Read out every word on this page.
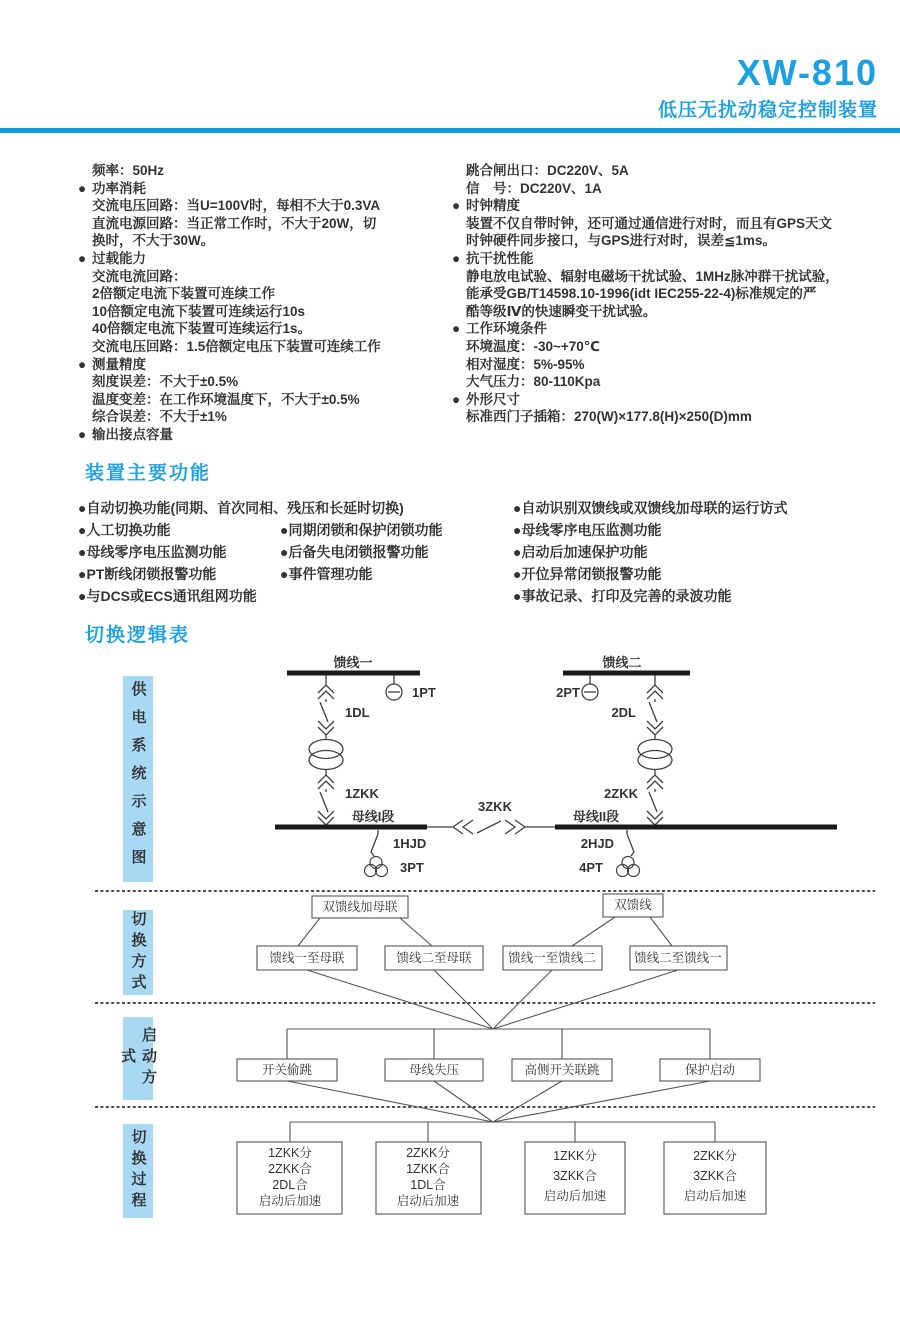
XW-810
低压无扰动稳定控制装置
频率：50Hz
● 功率消耗
交流电压回路：当U=100V时，每相不大于0.3VA
直流电源回路：当正常工作时，不大于20W，切
换时，不大于30W。
● 过载能力
交流电流回路：
2倍额定电流下装置可连续工作
10倍额定电流下装置可连续运行10s
40倍额定电流下装置可连续运行1s。
交流电压回路：1.5倍额定电压下装置可连续工作
● 测量精度
刻度误差：不大于±0.5%
温度变差：在工作环境温度下，不大于±0.5%
综合误差：不大于±1%
● 输出接点容量
跳合闸出口：DC220V、5A
信　号：DC220V、1A
● 时钟精度
装置不仅自带时钟，还可通过通信进行对时，而且有GPS天文
时钟硬件同步接口，与GPS进行对时，误差≦1ms。
● 抗干扰性能
静电放电试验、辐射电磁场干扰试验、1MHz脉冲群干扰试验，
能承受GB/T14598.10-1996(idt IEC255-22-4)标准规定的严
酷等级Ⅳ的快速瞬变干扰试验。
● 工作环境条件
环境温度：-30~+70℃
相对湿度：5%-95%
大气压力：80-110Kpa
● 外形尺寸
标准西门子插箱：270(W)×177.8(H)×250(D)mm
装置主要功能
●自动切换功能(同期、首次同相、残压和长延时切换)
●人工切换功能	●同期闭锁和保护闭锁功能
●母线零序电压监测功能	●后备失电闭锁报警功能
●PT断线闭锁报警功能	●事件管理功能
●与DCS或ECS通讯组网功能
●自动识别双馈线或双馈线加母联的运行访式
●母线零序电压监测功能
●启动后加速保护功能
●开位异常闭锁报警功能
●事故记录、打印及完善的录波功能
切换逻辑表
供电系统示意图
切换方式
启动方式
切换过程
馈线一	馈线二
1DL
1ZKK
1PT
2DL
2ZKK
2PT
母线I段	母线II段
3ZKK
1HJD
3PT
2HJD
4PT
双馈线加母联	双馈线
馈线一至母联	馈线二至母联	馈线一至馈线二	馈线二至馈线一
开关偷跳	母线失压	高侧开关联跳	保护启动
1ZKK分
2ZKK合
2DL合
启动后加速
2ZKK分
1ZKK合
1DL合
启动后加速
1ZKK分
3ZKK合
启动后加速
2ZKK分
3ZKK合
启动后加速
